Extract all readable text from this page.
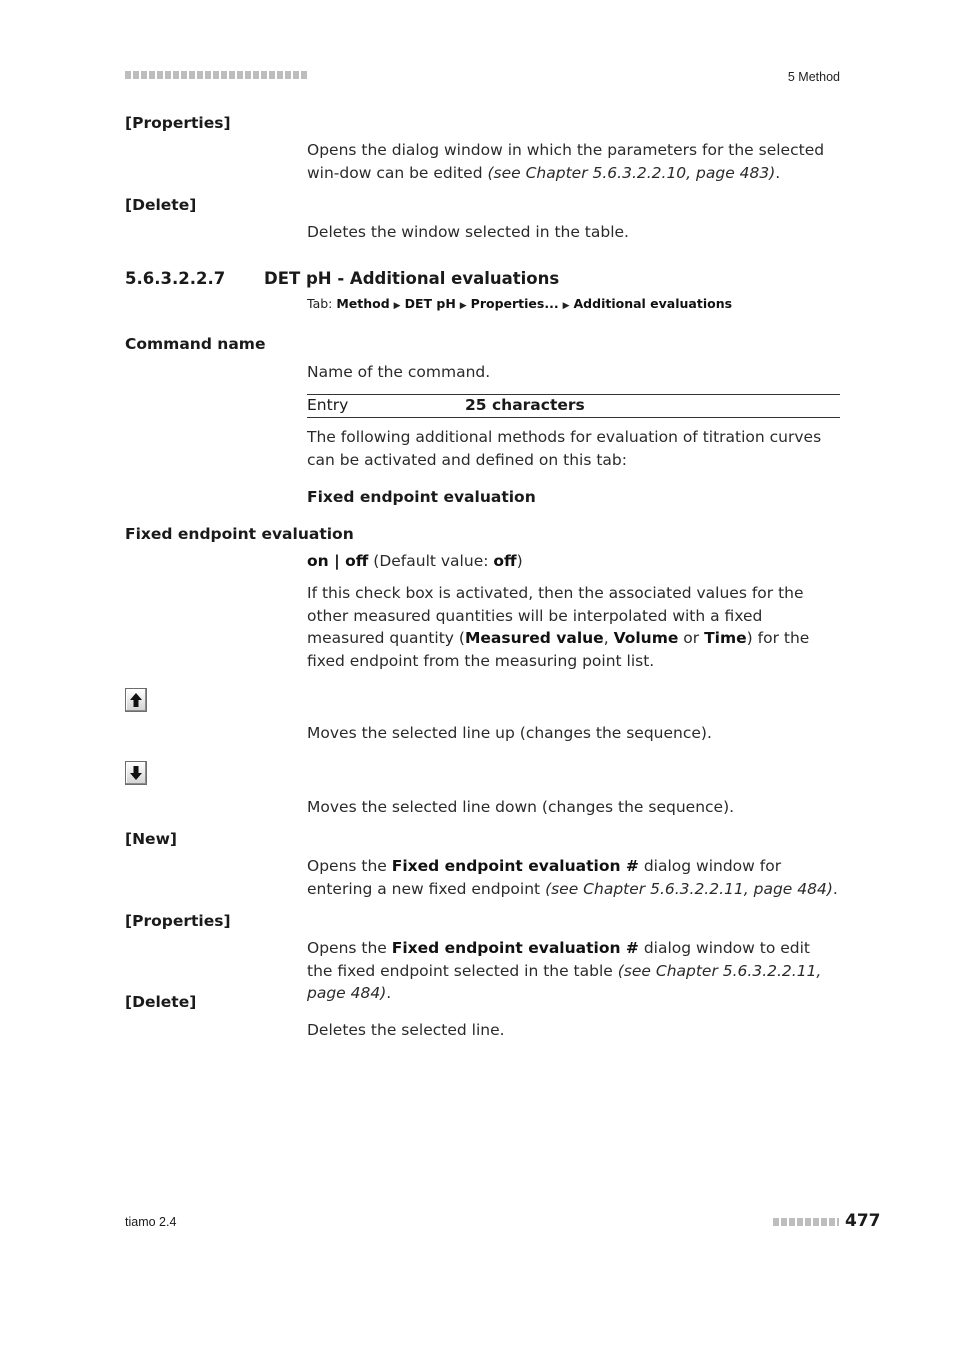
5 Method
[Properties]
Opens the dialog window in which the parameters for the selected win-dow can be edited (see Chapter 5.6.3.2.2.10, page 483).
[Delete]
Deletes the window selected in the table.
5.6.3.2.2.7 DET pH - Additional evaluations
Tab: Method ▶ DET pH ▶ Properties... ▶ Additional evaluations
Command name
Name of the command.
Entry	25 characters
The following additional methods for evaluation of titration curves can be activated and defined on this tab:
Fixed endpoint evaluation
Fixed endpoint evaluation
on | off (Default value: off)
If this check box is activated, then the associated values for the other measured quantities will be interpolated with a fixed measured quantity (Measured value, Volume or Time) for the fixed endpoint from the measuring point list.
Moves the selected line up (changes the sequence).
Moves the selected line down (changes the sequence).
[New]
Opens the Fixed endpoint evaluation # dialog window for entering a new fixed endpoint (see Chapter 5.6.3.2.2.11, page 484).
[Properties]
Opens the Fixed endpoint evaluation # dialog window to edit the fixed endpoint selected in the table (see Chapter 5.6.3.2.2.11, page 484).
[Delete]
Deletes the selected line.
tiamo 2.4	477
